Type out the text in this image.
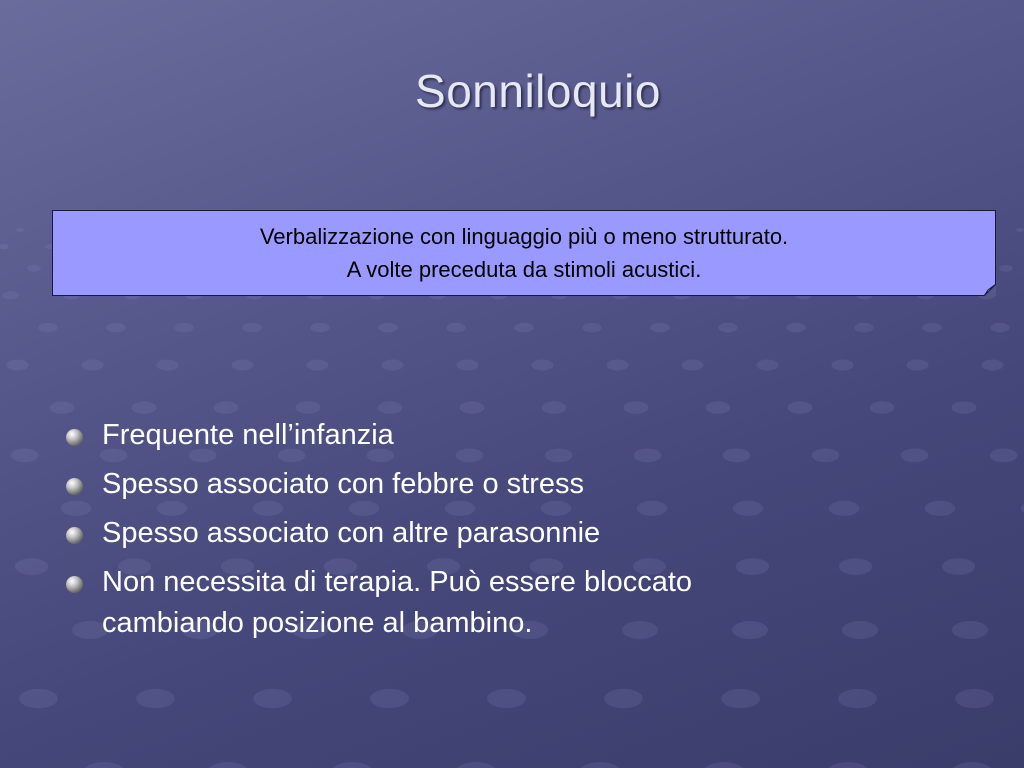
Sonniloquio
Verbalizzazione con linguaggio più o meno strutturato.
A volte preceduta da stimoli acustici.
Frequente nell’infanzia
Spesso associato con febbre o stress
Spesso associato con altre parasonnie
Non necessita di terapia. Può essere bloccato cambiando posizione al bambino.
